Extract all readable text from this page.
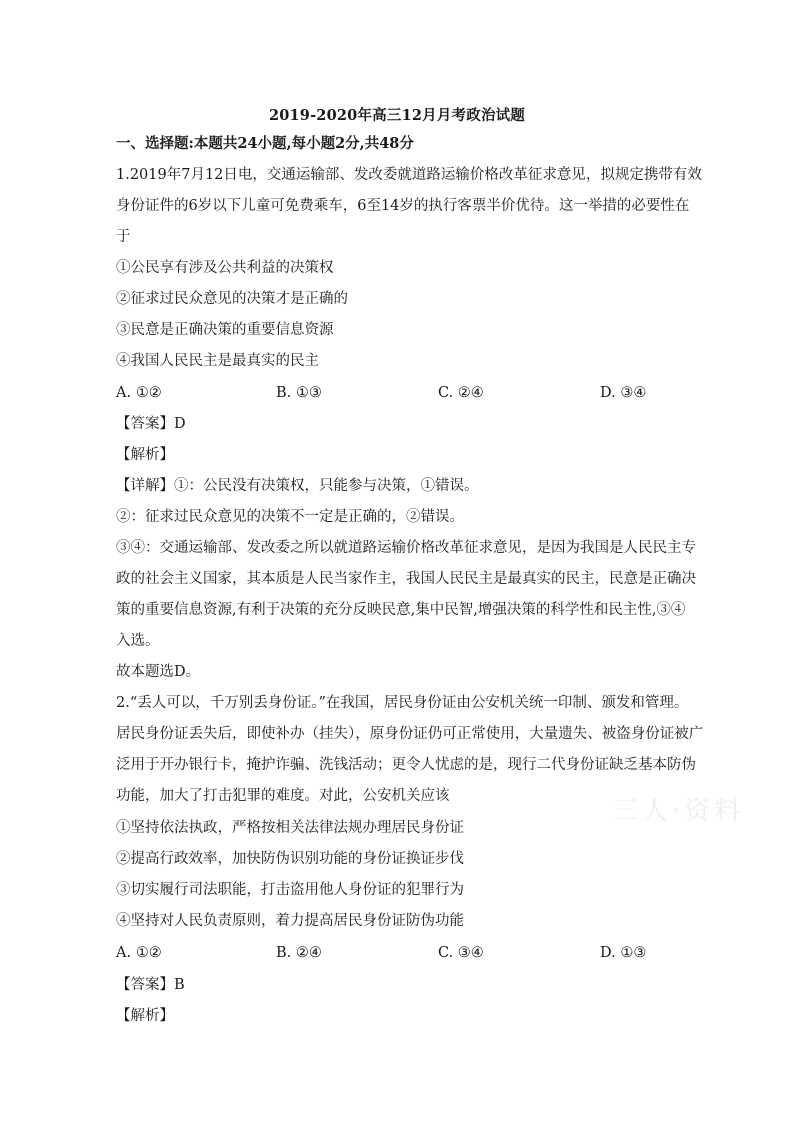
2019-2020年高三12月月考政治试题
一、选择题:本题共24小题,每小题2分,共48分
1.2019年7月12日电，交通运输部、发改委就道路运输价格改革征求意见，拟规定携带有效
身份证件的6岁以下儿童可免费乘车，6至14岁的执行客票半价优待。这一举措的必要性在
于
①公民享有涉及公共利益的决策权
②征求过民众意见的决策才是正确的
③民意是正确决策的重要信息资源
④我国人民民主是最真实的民主
A. ①②	B. ①③	C. ②④	D. ③④
【答案】D
【解析】
【详解】①：公民没有决策权，只能参与决策，①错误。
②：征求过民众意见的决策不一定是正确的，②错误。
③④：交通运输部、发改委之所以就道路运输价格改革征求意见，是因为我国是人民民主专
政的社会主义国家，其本质是人民当家作主，我国人民民主是最真实的民主，民意是正确决
策的重要信息资源,有利于决策的充分反映民意,集中民智,增强决策的科学性和民主性,③④
入选。
故本题选D。
2.“丢人可以，千万别丢身份证。”在我国，居民身份证由公安机关统一印制、颁发和管理。
居民身份证丢失后，即使补办（挂失），原身份证仍可正常使用，大量遗失、被盗身份证被广
泛用于开办银行卡，掩护诈骗、洗钱活动；更令人忧虑的是，现行二代身份证缺乏基本防伪
功能，加大了打击犯罪的难度。对此，公安机关应该
①坚持依法执政，严格按相关法律法规办理居民身份证
②提高行政效率，加快防伪识别功能的身份证换证步伐
③切实履行司法职能，打击盗用他人身份证的犯罪行为
④坚持对人民负责原则，着力提高居民身份证防伪功能
A. ①②	B. ②④	C. ③④	D. ①③
【答案】B
【解析】
三人·资料
